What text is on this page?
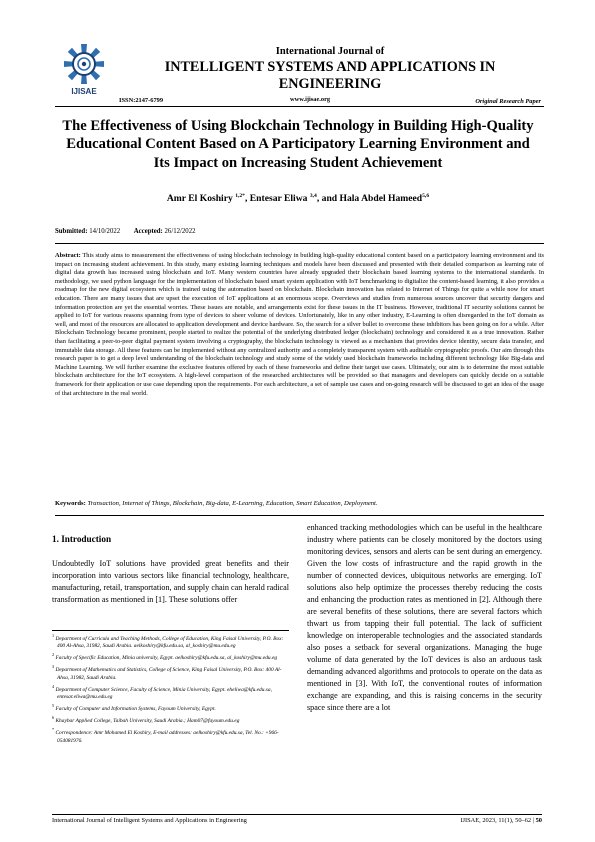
IJISAE
International Journal of
INTELLIGENT SYSTEMS AND APPLICATIONS IN ENGINEERING
ISSN:2147-6799	www.ijisae.org	Original Research Paper
The Effectiveness of Using Blockchain Technology in Building High-Quality Educational Content Based on A Participatory Learning Environment and Its Impact on Increasing Student Achievement
Amr El Koshiry $^{1,2*}$, Entesar Eliwa $^{3,4}$, and Hala Abdel Hameed$^{5,6}$
Submitted: 14/10/2022 Accepted: 26/12/2022
Abstract: This study aims to measurement the effectiveness of using blockchain technology in building high-quality educational content based on a participatory learning environment and its impact on increasing student achievement. In this study, many existing learning techniques and models have been discussed and presented with their detailed comparison as learning rate of digital data growth has increased using blockchain and IoT. Many western countries have already upgraded their blockchain based learning systems to the international standards. In methodology, we used python language for the implementation of blockchain based smart system application with IoT benchmarking to digitalize the content-based learning, it also provides a roadmap for the new digital ecosystem which is trained using the automation based on blockchain. Blockchain innovation has related to Internet of Things for quite a while now for smart education. There are many issues that are upset the execution of IoT applications at an enormous scope. Overviews and studies from numerous sources uncover that security dangers and information protection are yet the essential worries. These issues are notable, and arrangements exist for these issues in the IT business. However, traditional IT security solutions cannot be applied to IoT for various reasons spanning from type of devices to sheer volume of devices. Unfortunately, like in any other industry, E-Learning is often disregarded in the IoT domain as well, and most of the resources are allocated to application development and device hardware. So, the search for a silver bullet to overcome these inhibitors has been going on for a while. After Blockchain Technology became prominent, people started to realize the potential of the underlying distributed ledger (blockchain) technology and considered it as a true innovation. Rather than facilitating a peer-to-peer digital payment system involving a cryptography, the blockchain technology is viewed as a mechanism that provides device identity, secure data transfer, and immutable data storage. All these features can be implemented without any centralized authority and a completely transparent system with auditable cryptographic proofs. Our aim through this research paper is to get a deep level understanding of the blockchain technology and study some of the widely used blockchain frameworks including different technology like Big-data and Machine Learning. We will further examine the exclusive features offered by each of these frameworks and define their target use cases. Ultimately, our aim is to determine the most suitable blockchain architecture for the IoT ecosystem. A high-level comparison of the researched architectures will be provided so that managers and developers can quickly decide on a suitable framework for their application or use case depending upon the requirements. For each architecture, a set of sample use cases and on-going research will be discussed to get an idea of the usage of that architecture in the real world.
Keywords: Transaction, Internet of Things, Blockchain, Big-data, E-Learning, Education, Smart Education, Deployment.
1. Introduction
Undoubtedly IoT solutions have provided great benefits and their incorporation into various sectors like financial technology, healthcare, manufacturing, retail, transportation, and supply chain can herald radical transformation as mentioned in [1]. These solutions offer
enhanced tracking methodologies which can be useful in the healthcare industry where patients can be closely monitored by the doctors using monitoring devices, sensors and alerts can be sent during an emergency. Given the low costs of infrastructure and the rapid growth in the number of connected devices, ubiquitous networks are emerging. IoT solutions also help optimize the processes thereby reducing the costs and enhancing the production rates as mentioned in [2]. Although there are several benefits of these solutions, there are several factors which thwart us from tapping their full potential. The lack of sufficient knowledge on interoperable technologies and the associated standards also poses a setback for several organizations. Managing the huge volume of data generated by the IoT devices is also an arduous task demanding advanced algorithms and protocols to operate on the data as mentioned in [3]. With IoT, the conventional routes of information exchange are expanding, and this is raising concerns in the security space since there are a lot
$^1$ Department of Curricula and Teaching Methods, College of Education, King Faisal University, P.O. Box: 400 Al-Ahsa, 31982, Saudi Arabia. aelkoshiry@kfu.edu.sa, al_koshiry@mu.edu.eg
$^2$ Faculty of Specific Education, Minia university, Egypt. aelkoshiry@kfu.edu.sa, al_koshiry@mu.edu.eg
$^3$ Department of Mathematics and Statistics, College of Science, King Faisal University, P.O. Box: 400 Al-Ahsa, 31982, Saudi Arabia.
$^4$ Department of Computer Science, Faculty of Science, Minia University, Egypt. eheliwa@kfu.edu.sa, entesar.eliwa@mu.edu.eg
$^5$ Faculty of Computer and Information Systems, Fayoum University, Egypt.
$^6$ Khaybar Applied College, Taibah University, Saudi Arabia.; Ham07@fayoum.edu.eg
* Correspondence: Amr Mohamed El Koshiry, E-mail addresses: aelkoshiry@kfu.edu.sa, Tel. No.: +966-054081976.
International Journal of Intelligent Systems and Applications in Engineering	IJISAE, 2023, 11(1), 50–62 | 50
